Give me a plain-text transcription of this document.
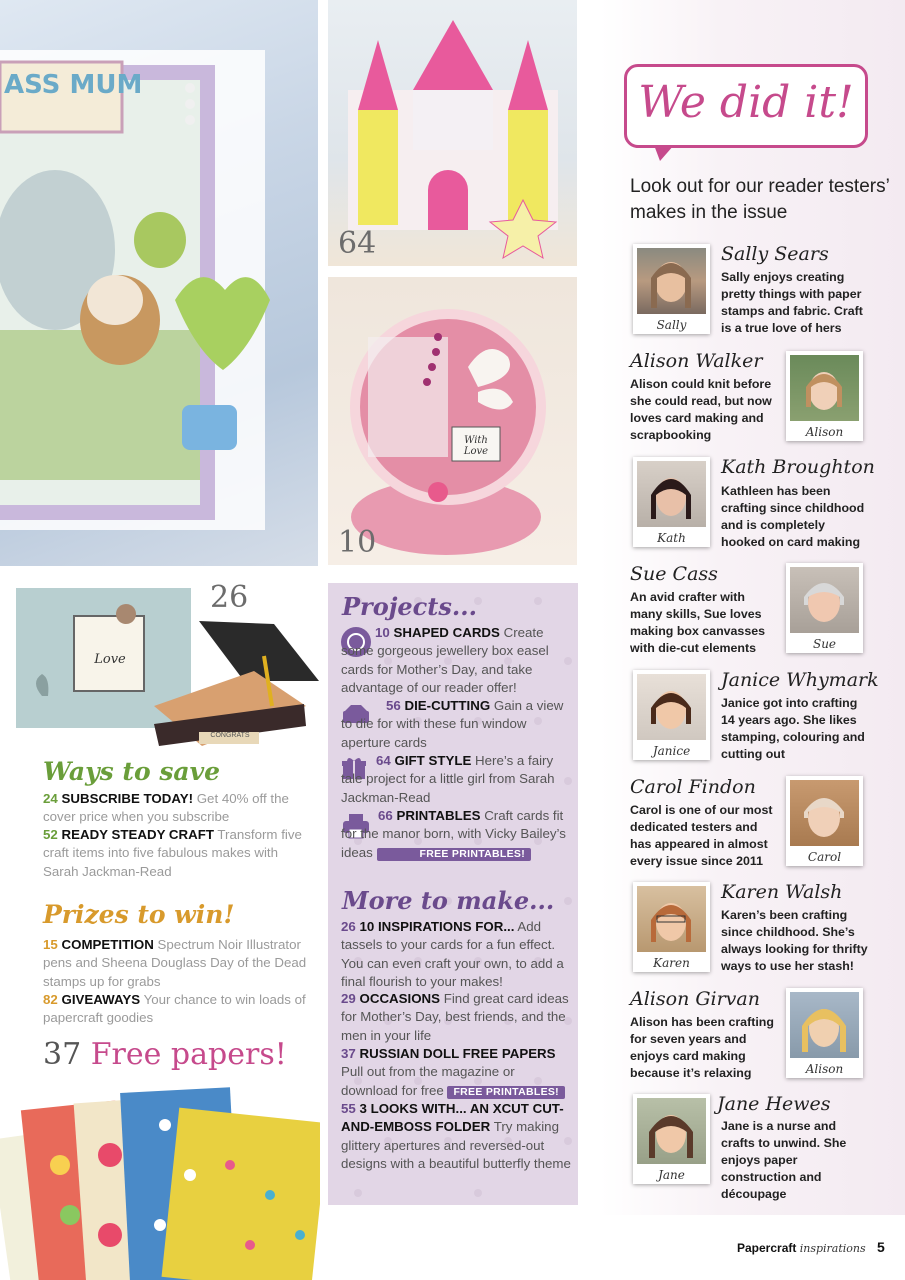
ASS MUM
64
With Love
10
Love
CONGRATS
26
Ways to save
24 SUBSCRIBE TODAY! Get 40% off the cover price when you subscribe
52 READY STEADY CRAFT Transform five craft items into five fabulous makes with Sarah Jackman-Read
Prizes to win!
15 COMPETITION Spectrum Noir Illustrator pens and Sheena Douglass Day of the Dead stamps up for grabs
82 GIVEAWAYS Your chance to win loads of papercraft goodies
37 Free papers!
Projects...
10 SHAPED CARDS Create some gorgeous jewellery box easel cards for Mother’s Day, and take advantage of our reader offer!
56 DIE-CUTTING Gain a view to die for with these fun window aperture cards
64 GIFT STYLE Here’s a fairy tale project for a little girl from Sarah Jackman-Read
66 PRINTABLES Craft cards fit for the manor born, with Vicky Bailey’s ideas	FREE PRINTABLES!
More to make...
26 10 INSPIRATIONS FOR... Add tassels to your cards for a fun effect. You can even craft your own, to add a final flourish to your makes!
29 OCCASIONS Find great card ideas for Mother’s Day, best friends, and the men in your life
37 RUSSIAN DOLL FREE PAPERS Pull out from the magazine or download for free FREE PRINTABLES!
55 3 LOOKS WITH... AN XCUT CUT-AND-EMBOSS FOLDER Try making glittery apertures and reversed-out designs with a beautiful butterfly theme
We did it!
Look out for our reader testers’ makes in the issue
Sally
Sally Sears
Sally enjoys creating pretty things with paper stamps and fabric. Craft is a true love of hers
Alison Walker
Alison could knit before she could read, but now loves card making and scrapbooking	Alison
Kath
Kath Broughton
Kathleen has been crafting since childhood and is completely hooked on card making
Sue Cass
An avid crafter with many skills, Sue loves making box canvasses with die-cut elements	Sue
Janice
Janice Whymark
Janice got into crafting 14 years ago. She likes stamping, colouring and cutting out
Carol Findon
Carol is one of our most dedicated testers and has appeared in almost every issue since 2011	Carol
Karen
Karen Walsh
Karen’s been crafting since childhood. She’s always looking for thrifty ways to use her stash!
Alison Girvan
Alison has been crafting for seven years and enjoys card making because it’s relaxing	Alison
Jane
Jane Hewes
Jane is a nurse and crafts to unwind. She enjoys paper construction and découpage
Papercraft inspirations 5
